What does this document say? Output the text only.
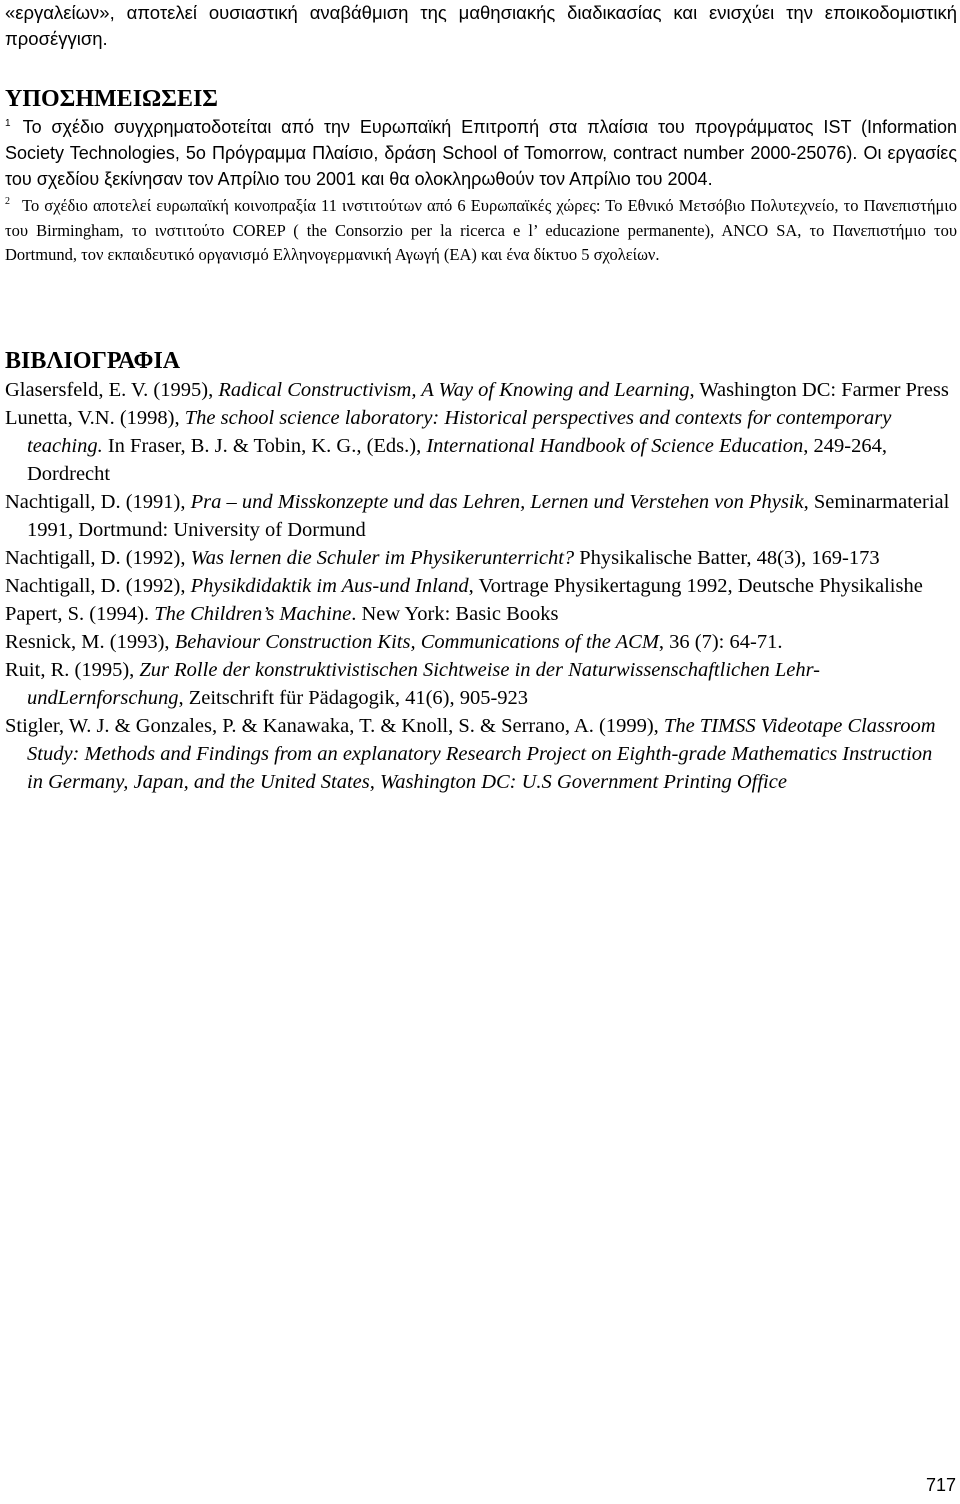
«εργαλείων», αποτελεί ουσιαστική αναβάθμιση της μαθησιακής διαδικασίας και ενισχύει την εποικοδομιστική προσέγγιση.

ΥΠΟΣΗΜΕΙΩΣΕΙΣ

$^1$ Το σχέδιο συγχρηματοδοτείται από την Ευρωπαϊκή Επιτροπή στα πλαίσια του προγράμματος IST (Information Society Technologies, 5o Πρόγραμμα Πλαίσιο, δράση School of Tomorrow, contract number 2000-25076). Οι εργασίες του σχεδίου ξεκίνησαν τον Απρίλιο του 2001 και θα ολοκληρωθούν τον Απρίλιο του 2004.

$^2$ Το σχέδιο αποτελεί ευρωπαϊκή κοινοπραξία 11 ινστιτούτων από 6 Ευρωπαϊκές χώρες: Το Εθνικό Μετσόβιο Πολυτεχνείο, το Πανεπιστήμιο του Birmingham, το ινστιτούτο COREP ( the Consorzio per la ricerca e l’ educazione permanente), ANCO SA, το Πανεπιστήμιο του Dortmund, τον εκπαιδευτικό οργανισμό Ελληνογερμανική Αγωγή (ΕΑ) και ένα δίκτυο 5 σχολείων.

ΒΙΒΛΙΟΓΡΑΦΙΑ

Glasersfeld, E. V. (1995), Radical Constructivism, A Way of Knowing and Learning, Washington DC: Farmer Press

Lunetta, V.N. (1998), The school science laboratory: Historical perspectives and contexts for contemporary teaching. In Fraser, B. J. & Tobin, K. G., (Eds.), International Handbook of Science Education, 249-264, Dordrecht

Nachtigall, D. (1991), Pra – und Misskonzepte und das Lehren, Lernen und Verstehen von Physik, Seminarmaterial 1991, Dortmund: University of Dormund

Nachtigall, D. (1992), Was lernen die Schuler im Physikerunterricht? Physikalische Batter, 48(3), 169-173

Nachtigall, D. (1992), Physikdidaktik im Aus-und Inland, Vortrage Physikertagung 1992, Deutsche Physikalishe

Papert, S. (1994). The Children’s Machine. New York: Basic Books

Resnick, M. (1993), Behaviour Construction Kits, Communications of the ACM, 36 (7): 64-71.

Ruit, R. (1995), Zur Rolle der konstruktivistischen Sichtweise in der Naturwissenschaftlichen Lehr- undLernforschung, Zeitschrift für Pädagogik, 41(6), 905-923

Stigler, W. J. & Gonzales, P. & Kanawaka, T. & Knoll, S. & Serrano, A. (1999), The TIMSS Videotape Classroom Study: Methods and Findings from an explanatory Research Project on Eighth-grade Mathematics Instruction in Germany, Japan, and the United States, Washington DC: U.S Government Printing Office

717
